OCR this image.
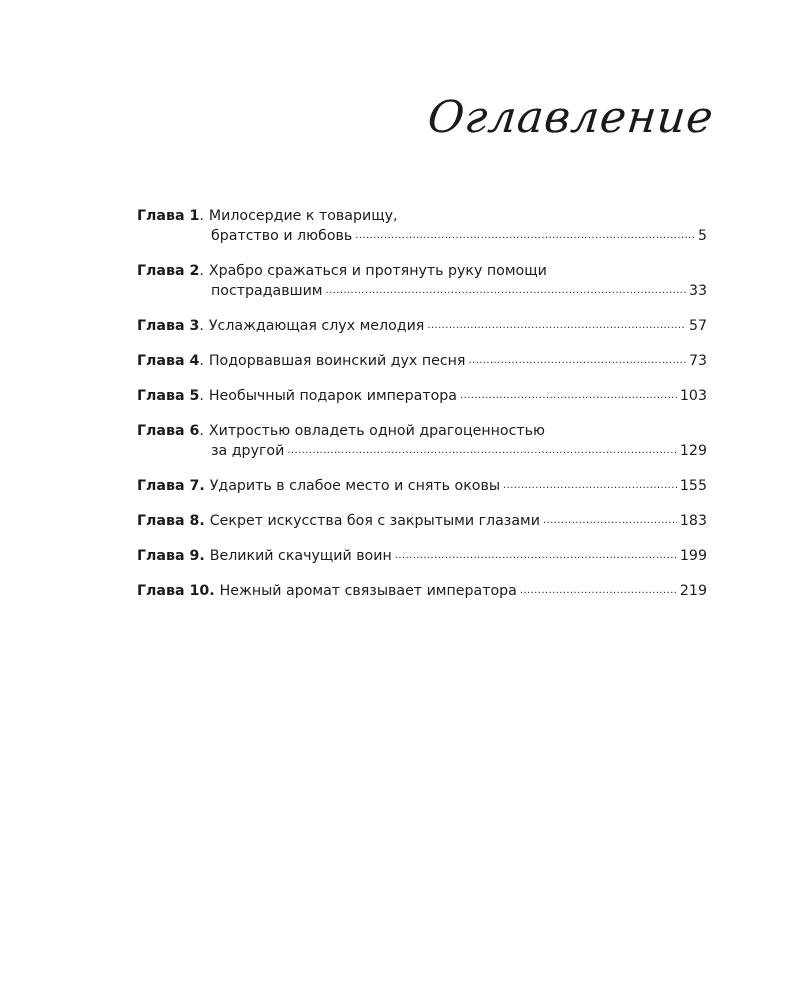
Оглавление
Глава 1 . Милосердие к товарищу,
братство и любовь .....	5
Глава 2 . Храбро сражаться и протянуть руку помощи
пострадавшим .....	33
Глава 3 . Услаждающая слух мелодия .....	57
Глава 4 . Подорвавшая воинский дух песня .....	73
Глава 5 . Необычный подарок императора .....	103
Глава 6 . Хитростью овладеть одной драгоценностью
за другой .....	129
Глава 7. Ударить в слабое место и снять оковы .....	155
Глава 8. Секрет искусства боя с закрытыми глазами .....	183
Глава 9. Великий скачущий воин .....	199
Глава 10. Нежный аромат связывает императора .....	219
